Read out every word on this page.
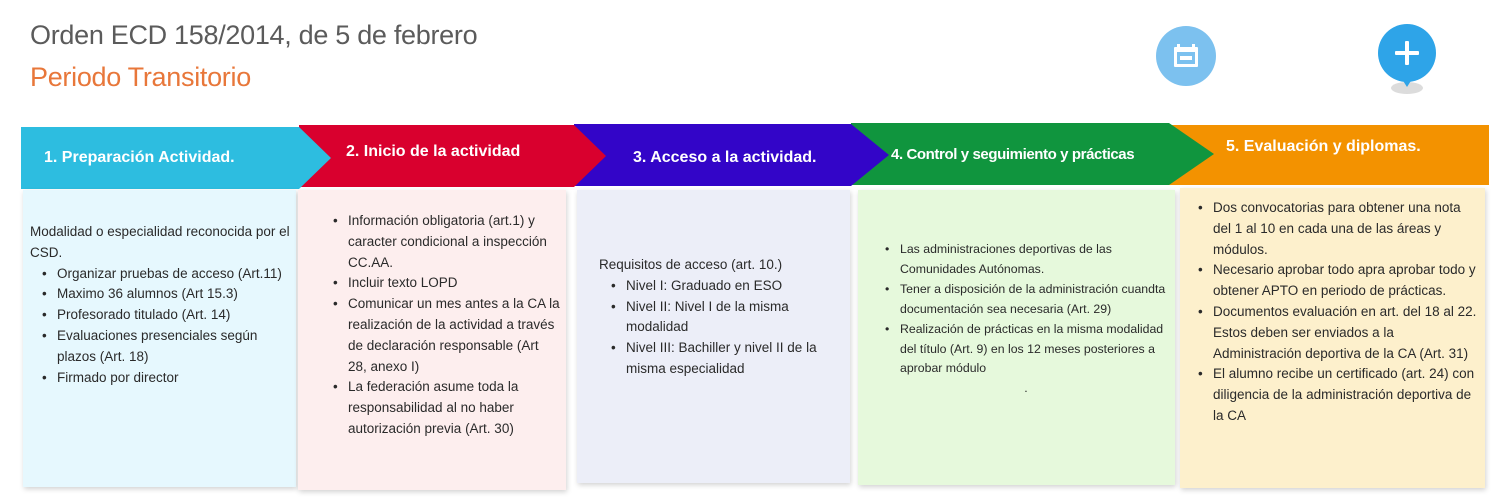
Orden ECD 158/2014, de 5 de febrero
Periodo Transitorio
1. Preparación Actividad.	2. Inicio de la actividad	3. Acceso a la actividad.	4. Control y seguimiento y prácticas	5. Evaluación y diplomas.
Modalidad o especialidad reconocida por el CSD.
• Organizar pruebas de acceso (Art.11)
• Maximo 36 alumnos (Art 15.3)
• Profesorado titulado (Art. 14)
• Evaluaciones presenciales según plazos (Art. 18)
• Firmado por director
• Información obligatoria (art.1) y caracter condicional a inspección CC.AA.
• Incluir texto LOPD
• Comunicar un mes antes a la CA la realización de la actividad a través de declaración responsable (Art 28, anexo I)
• La federación asume toda la responsabilidad al no haber autorización previa (Art. 30)
Requisitos de acceso (art. 10.)
• Nivel I: Graduado en ESO
• Nivel II: Nivel I de la misma modalidad
• Nivel III: Bachiller y nivel II de la misma especialidad
• Las administraciones deportivas de las Comunidades Autónomas.
• Tener a disposición de la administración cuandta documentación sea necesaria (Art. 29)
• Realización de prácticas en la misma modalidad del título (Art. 9) en los 12 meses posteriores a aprobar módulo
.
• Dos convocatorias para obtener una nota del 1 al 10 en cada una de las áreas y módulos.
• Necesario aprobar todo apra aprobar todo y obtener APTO en periodo de prácticas.
• Documentos evaluación en art. del 18 al 22. Estos deben ser enviados a la Administración deportiva de la CA (Art. 31)
• El alumno recibe un certificado (art. 24) con diligencia de la administración deportiva de la CA
